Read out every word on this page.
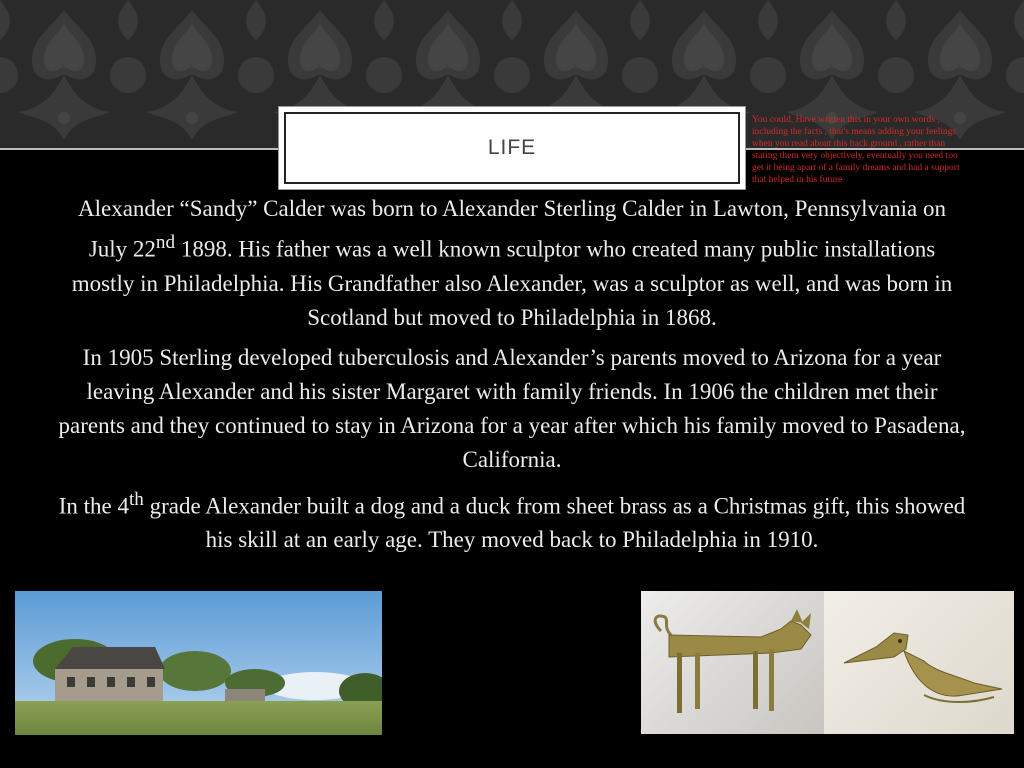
LIFE

Alexander “Sandy” Calder was born to Alexander Sterling Calder in Lawton, Pennsylvania on July 22nd 1898. His father was a well known sculptor who created many public installations mostly in Philadelphia. His Grandfather also Alexander, was a sculptor as well, and was born in Scotland but moved to Philadelphia in 1868.

In 1905 Sterling developed tuberculosis and Alexander’s parents moved to Arizona for a year leaving Alexander and his sister Margaret with family friends. In 1906 the children met their parents and they continued to stay in Arizona for a year after which his family moved to Pasadena, California.

In the 4th grade Alexander built a dog and a duck from sheet brass as a Christmas gift, this showed his skill at an early age. They moved back to Philadelphia in 1910.

You could, Have written this in your own words , including the facts , that's means adding your feelings when you read about this back ground , rather than stating them very objectively, eventually you need too get it being apart of a family dreams and had a support that helped in his future
